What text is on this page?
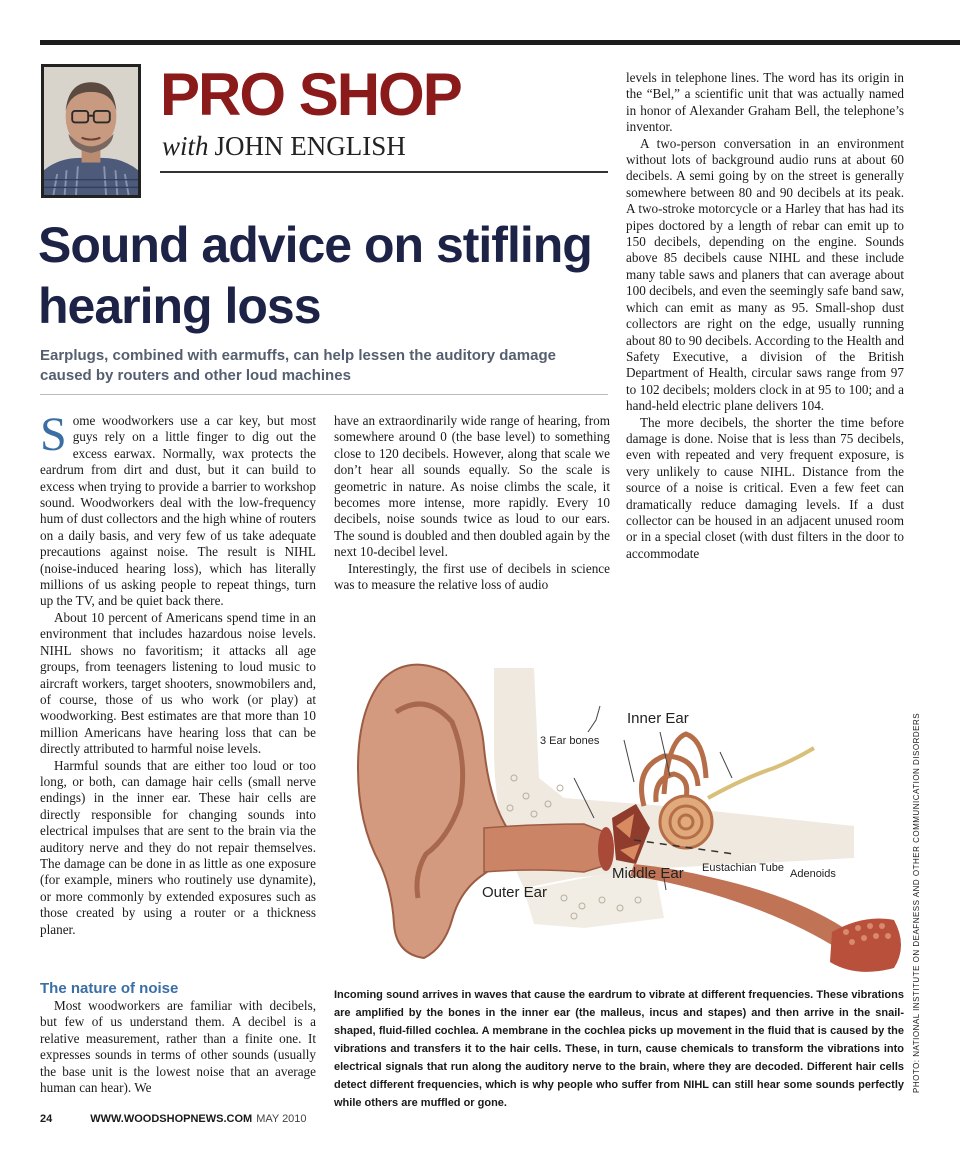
PRO SHOP
with JOHN ENGLISH
Sound advice on stifling hearing loss
Earplugs, combined with earmuffs, can help lessen the auditory damage caused by routers and other loud machines

Some woodworkers use a car key, but most guys rely on a little finger to dig out the excess earwax. Normally, wax protects the eardrum from dirt and dust, but it can build to excess when trying to provide a barrier to workshop sound. Woodworkers deal with the low-frequency hum of dust collectors and the high whine of routers on a daily basis, and very few of us take adequate precautions against noise. The result is NIHL (noise-induced hearing loss), which has literally millions of us asking people to repeat things, turn up the TV, and be quiet back there.

About 10 percent of Americans spend time in an environment that includes hazardous noise levels. NIHL shows no favoritism; it attacks all age groups, from teenagers listening to loud music to aircraft workers, target shooters, snowmobilers and, of course, those of us who work (or play) at woodworking. Best estimates are that more than 10 million Americans have hearing loss that can be directly attributed to harmful noise levels.

Harmful sounds that are either too loud or too long, or both, can damage hair cells (small nerve endings) in the inner ear. These hair cells are directly responsible for changing sounds into electrical impulses that are sent to the brain via the auditory nerve and they do not repair themselves. The damage can be done in as little as one exposure (for example, miners who routinely use dynamite), or more commonly by extended exposures such as those created by using a router or a thickness planer.

The nature of noise

Most woodworkers are familiar with decibels, but few of us understand them. A decibel is a relative measurement, rather than a finite one. It expresses sounds in terms of other sounds (usually the base unit is the lowest noise that an average human can hear). We

have an extraordinarily wide range of hearing, from somewhere around 0 (the base level) to something close to 120 decibels. However, along that scale we don’t hear all sounds equally. So the scale is geometric in nature. As noise climbs the scale, it becomes more intense, more rapidly. Every 10 decibels, noise sounds twice as loud to our ears. The sound is doubled and then doubled again by the next 10-decibel level.

Interestingly, the first use of decibels in science was to measure the relative loss of audio

levels in telephone lines. The word has its origin in the “Bel,” a scientific unit that was actually named in honor of Alexander Graham Bell, the telephone’s inventor.

A two-person conversation in an environment without lots of background audio runs at about 60 decibels. A semi going by on the street is generally somewhere between 80 and 90 decibels at its peak. A two-stroke motorcycle or a Harley that has had its pipes doctored by a length of rebar can emit up to 150 decibels, depending on the engine. Sounds above 85 decibels cause NIHL and these include many table saws and planers that can average about 100 decibels, and even the seemingly safe band saw, which can emit as many as 95. Small-shop dust collectors are right on the edge, usually running about 80 to 90 decibels. According to the Health and Safety Executive, a division of the British Department of Health, circular saws range from 97 to 102 decibels; molders clock in at 95 to 100; and a hand-held electric plane delivers 104.

The more decibels, the shorter the time before damage is done. Noise that is less than 75 decibels, even with repeated and very frequent exposure, is very unlikely to cause NIHL. Distance from the source of a noise is critical. Even a few feet can dramatically reduce damaging levels. If a dust collector can be housed in an adjacent unused room or in a special closet (with dust filters in the door to accommodate

Inner Ear
3 Ear bones
Eustachian Tube Adenoids
Middle Ear
Outer Ear
Incoming sound arrives in waves that cause the eardrum to vibrate at different frequencies. These vibrations are amplified by the bones in the inner ear (the malleus, incus and stapes) and then arrive in the snail-shaped, fluid-filled cochlea. A membrane in the cochlea picks up movement in the fluid that is caused by the vibrations and transfers it to the hair cells. These, in turn, cause chemicals to transform the vibrations into electrical signals that run along the auditory nerve to the brain, where they are decoded. Different hair cells detect different frequencies, which is why people who suffer from NIHL can still hear some sounds perfectly while others are muffled or gone.
PHOTO: NATIONAL INSTITUTE ON DEAFNESS AND OTHER COMMUNICATION DISORDERS
24	WWW.WOODSHOPNEWS.COM MAY 2010
